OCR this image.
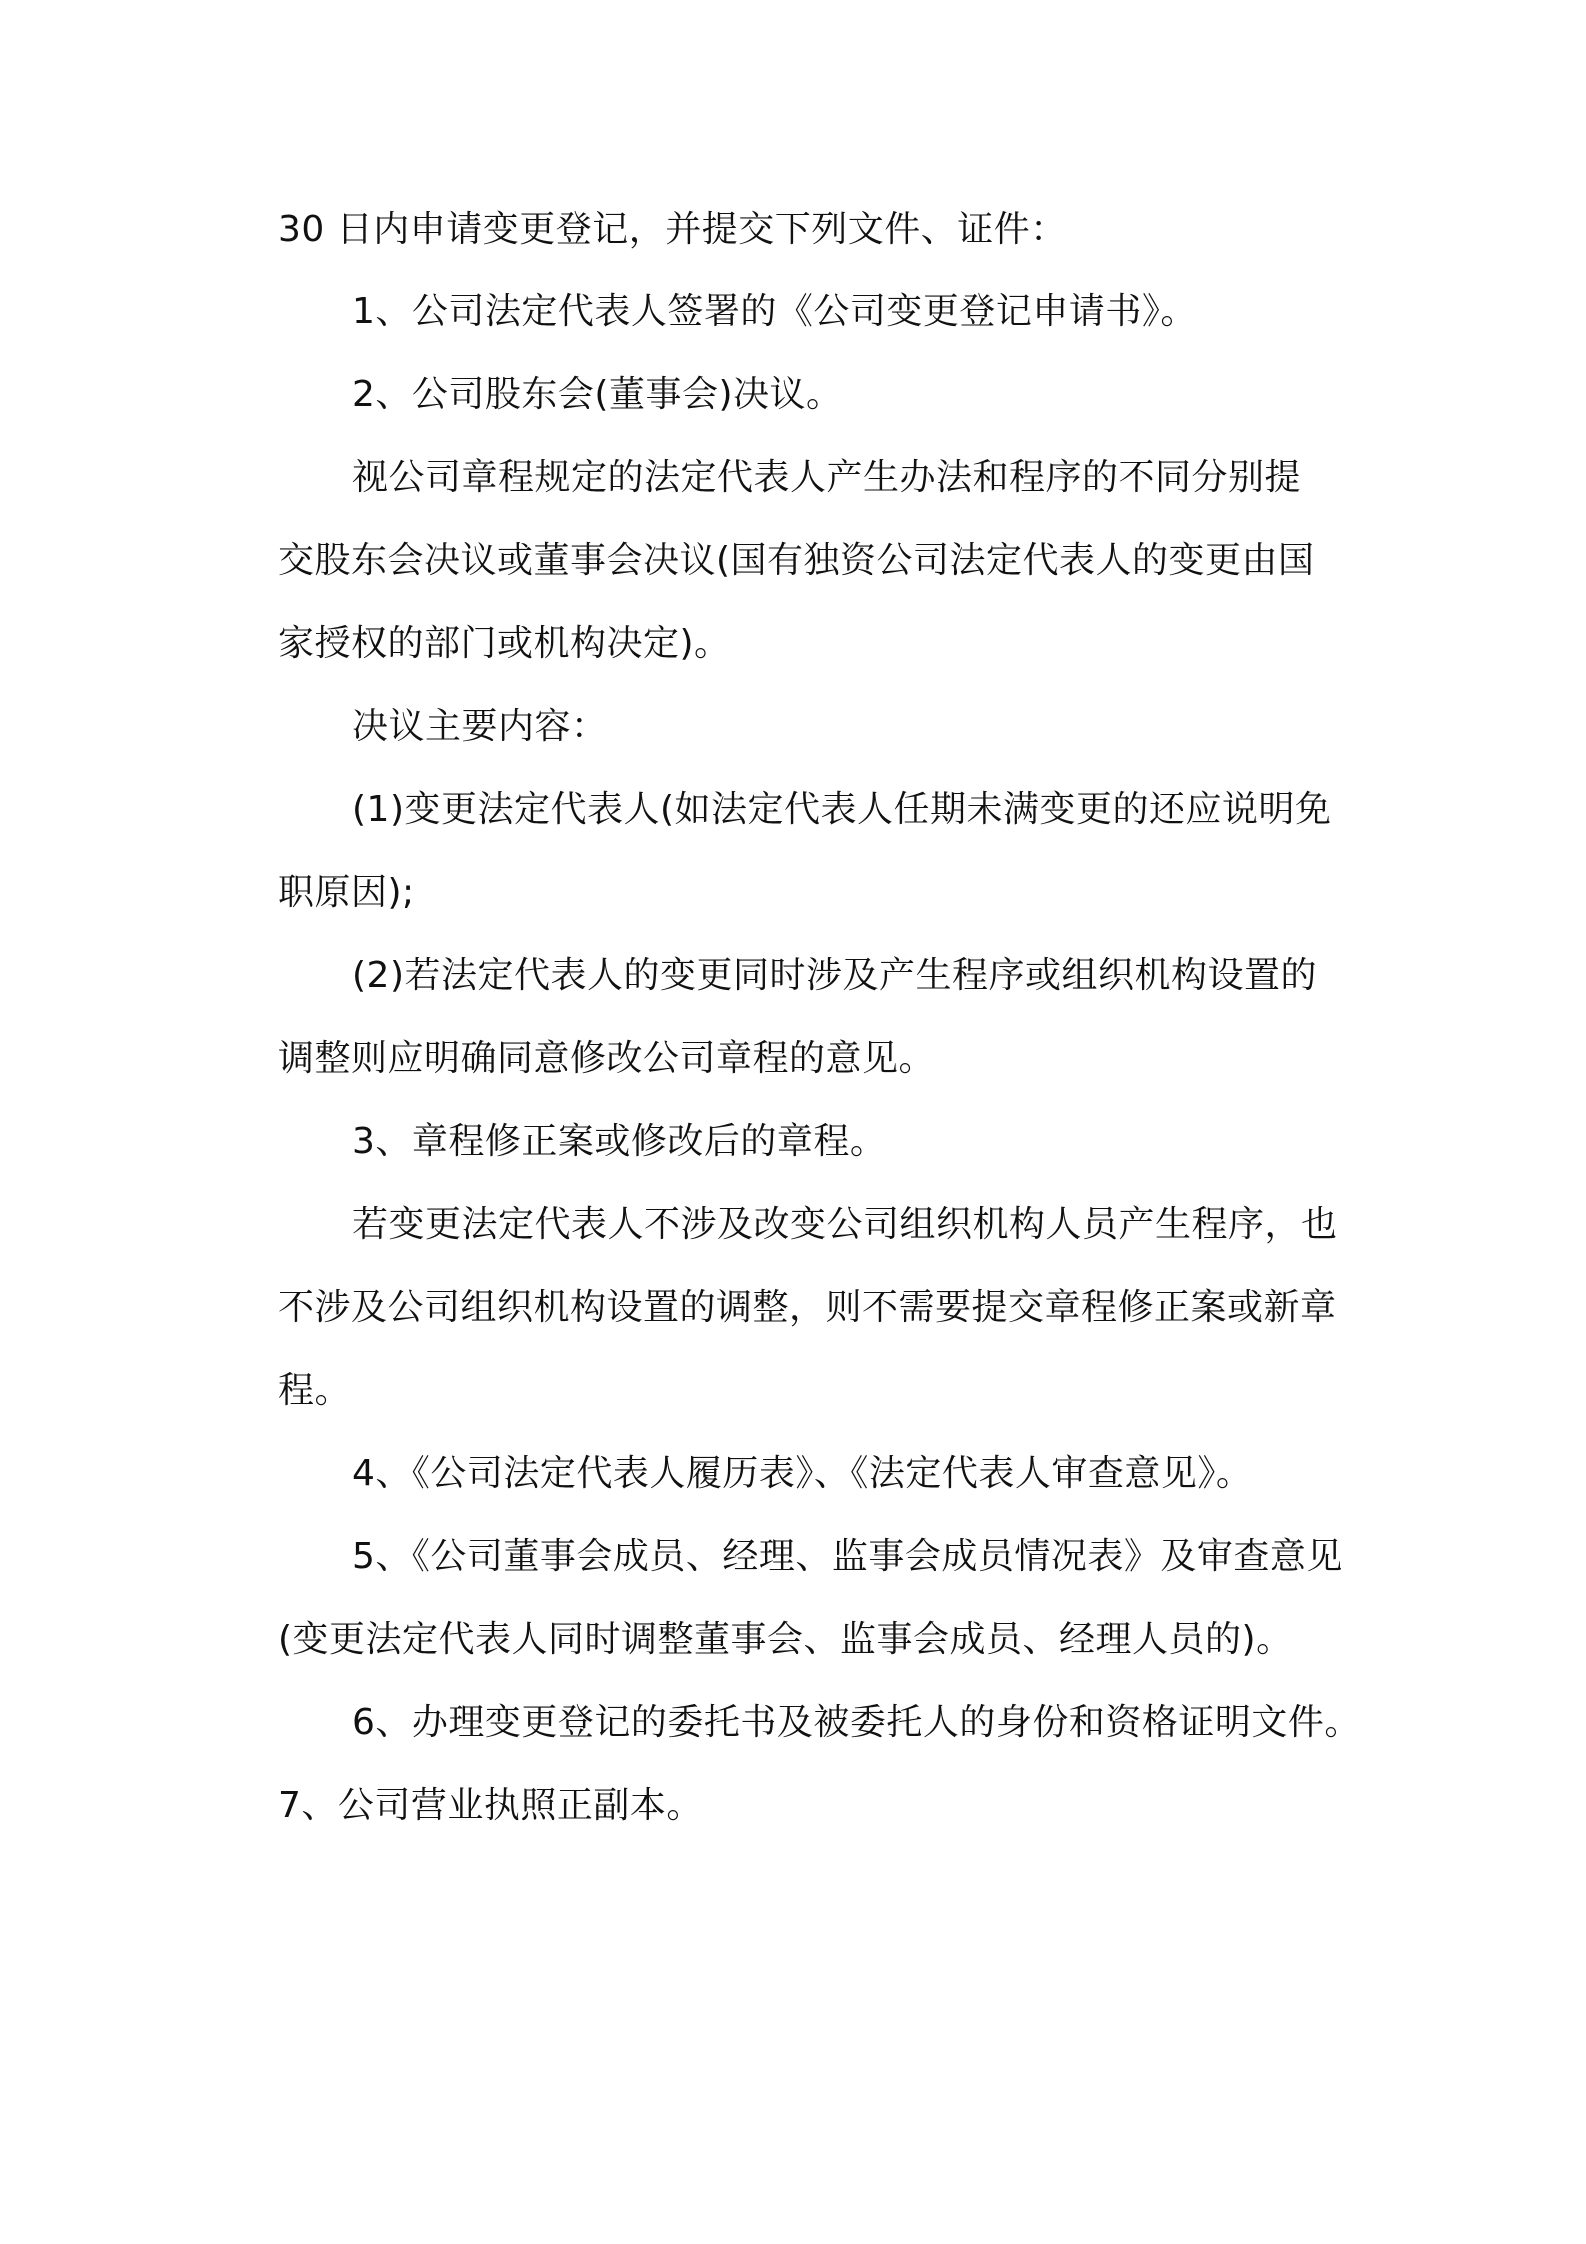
30 日内申请变更登记，并提交下列文件、证件：
1、公司法定代表人签署的《公司变更登记申请书》。
2、公司股东会(董事会)决议。
视公司章程规定的法定代表人产生办法和程序的不同分别提
交股东会决议或董事会决议(国有独资公司法定代表人的变更由国
家授权的部门或机构决定)。
决议主要内容：
(1)变更法定代表人(如法定代表人任期未满变更的还应说明免
职原因);
(2)若法定代表人的变更同时涉及产生程序或组织机构设置的
调整则应明确同意修改公司章程的意见。
3、章程修正案或修改后的章程。
若变更法定代表人不涉及改变公司组织机构人员产生程序，也
不涉及公司组织机构设置的调整，则不需要提交章程修正案或新章
程。
4、《公司法定代表人履历表》、《法定代表人审查意见》。
5、《公司董事会成员、经理、监事会成员情况表》及审查意见
(变更法定代表人同时调整董事会、监事会成员、经理人员的)。
6、办理变更登记的委托书及被委托人的身份和资格证明文件。
7、公司营业执照正副本。
